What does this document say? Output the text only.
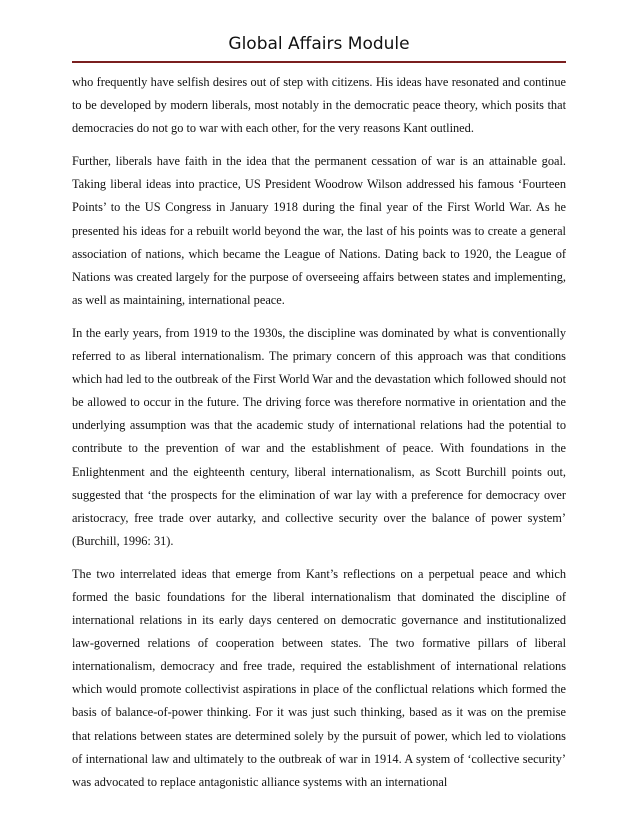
Global Affairs Module

who frequently have selfish desires out of step with citizens. His ideas have resonated and continue to be developed by modern liberals, most notably in the democratic peace theory, which posits that democracies do not go to war with each other, for the very reasons Kant outlined.

Further, liberals have faith in the idea that the permanent cessation of war is an attainable goal. Taking liberal ideas into practice, US President Woodrow Wilson addressed his famous ‘Fourteen Points’ to the US Congress in January 1918 during the final year of the First World War. As he presented his ideas for a rebuilt world beyond the war, the last of his points was to create a general association of nations, which became the League of Nations. Dating back to 1920, the League of Nations was created largely for the purpose of overseeing affairs between states and implementing, as well as maintaining, international peace.

In the early years, from 1919 to the 1930s, the discipline was dominated by what is conventionally referred to as liberal internationalism. The primary concern of this approach was that conditions which had led to the outbreak of the First World War and the devastation which followed should not be allowed to occur in the future. The driving force was therefore normative in orientation and the underlying assumption was that the academic study of international relations had the potential to contribute to the prevention of war and the establishment of peace. With foundations in the Enlightenment and the eighteenth century, liberal internationalism, as Scott Burchill points out, suggested that ‘the prospects for the elimination of war lay with a preference for democracy over aristocracy, free trade over autarky, and collective security over the balance of power system’ (Burchill, 1996: 31).

The two interrelated ideas that emerge from Kant’s reflections on a perpetual peace and which formed the basic foundations for the liberal internationalism that dominated the discipline of international relations in its early days centered on democratic governance and institutionalized law-governed relations of cooperation between states. The two formative pillars of liberal internationalism, democracy and free trade, required the establishment of international relations which would promote collectivist aspirations in place of the conflictual relations which formed the basis of balance-of-power thinking. For it was just such thinking, based as it was on the premise that relations between states are determined solely by the pursuit of power, which led to violations of international law and ultimately to the outbreak of war in 1914. A system of ‘collective security’ was advocated to replace antagonistic alliance systems with an international
